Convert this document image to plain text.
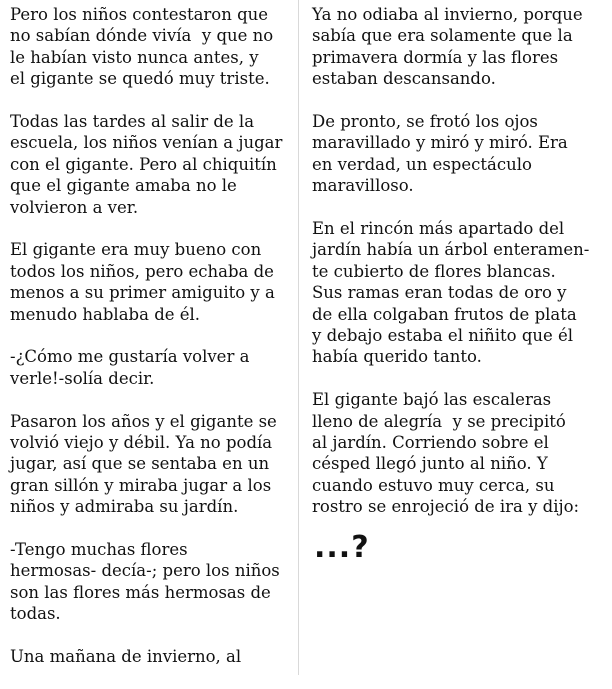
Pero los niños contestaron que
no sabían dónde vivía  y que no
le habían visto nunca antes, y
el gigante se quedó muy triste.
Todas las tardes al salir de la
escuela, los niños venían a jugar
con el gigante. Pero al chiquitín
que el gigante amaba no le
volvieron a ver.
El gigante era muy bueno con
todos los niños, pero echaba de
menos a su primer amiguito y a
menudo hablaba de él.
-¿Cómo me gustaría volver a
verle!-solía decir.
Pasaron los años y el gigante se
volvió viejo y débil. Ya no podía
jugar, así que se sentaba en un
gran sillón y miraba jugar a los
niños y admiraba su jardín.
-Tengo muchas flores
hermosas- decía-; pero los niños
son las flores más hermosas de
todas.
Una mañana de invierno, al
Ya no odiaba al invierno, porque
sabía que era solamente que la
primavera dormía y las flores
estaban descansando.
De pronto, se frotó los ojos
maravillado y miró y miró. Era
en verdad, un espectáculo
maravilloso.
En el rincón más apartado del
jardín había un árbol enteramen-
te cubierto de flores blancas.
Sus ramas eran todas de oro y
de ella colgaban frutos de plata
y debajo estaba el niñito que él
había querido tanto.
El gigante bajó las escaleras
lleno de alegría  y se precipitó
al jardín. Corriendo sobre el
césped llegó junto al niño. Y
cuando estuvo muy cerca, su
rostro se enrojeció de ira y dijo:
...?
